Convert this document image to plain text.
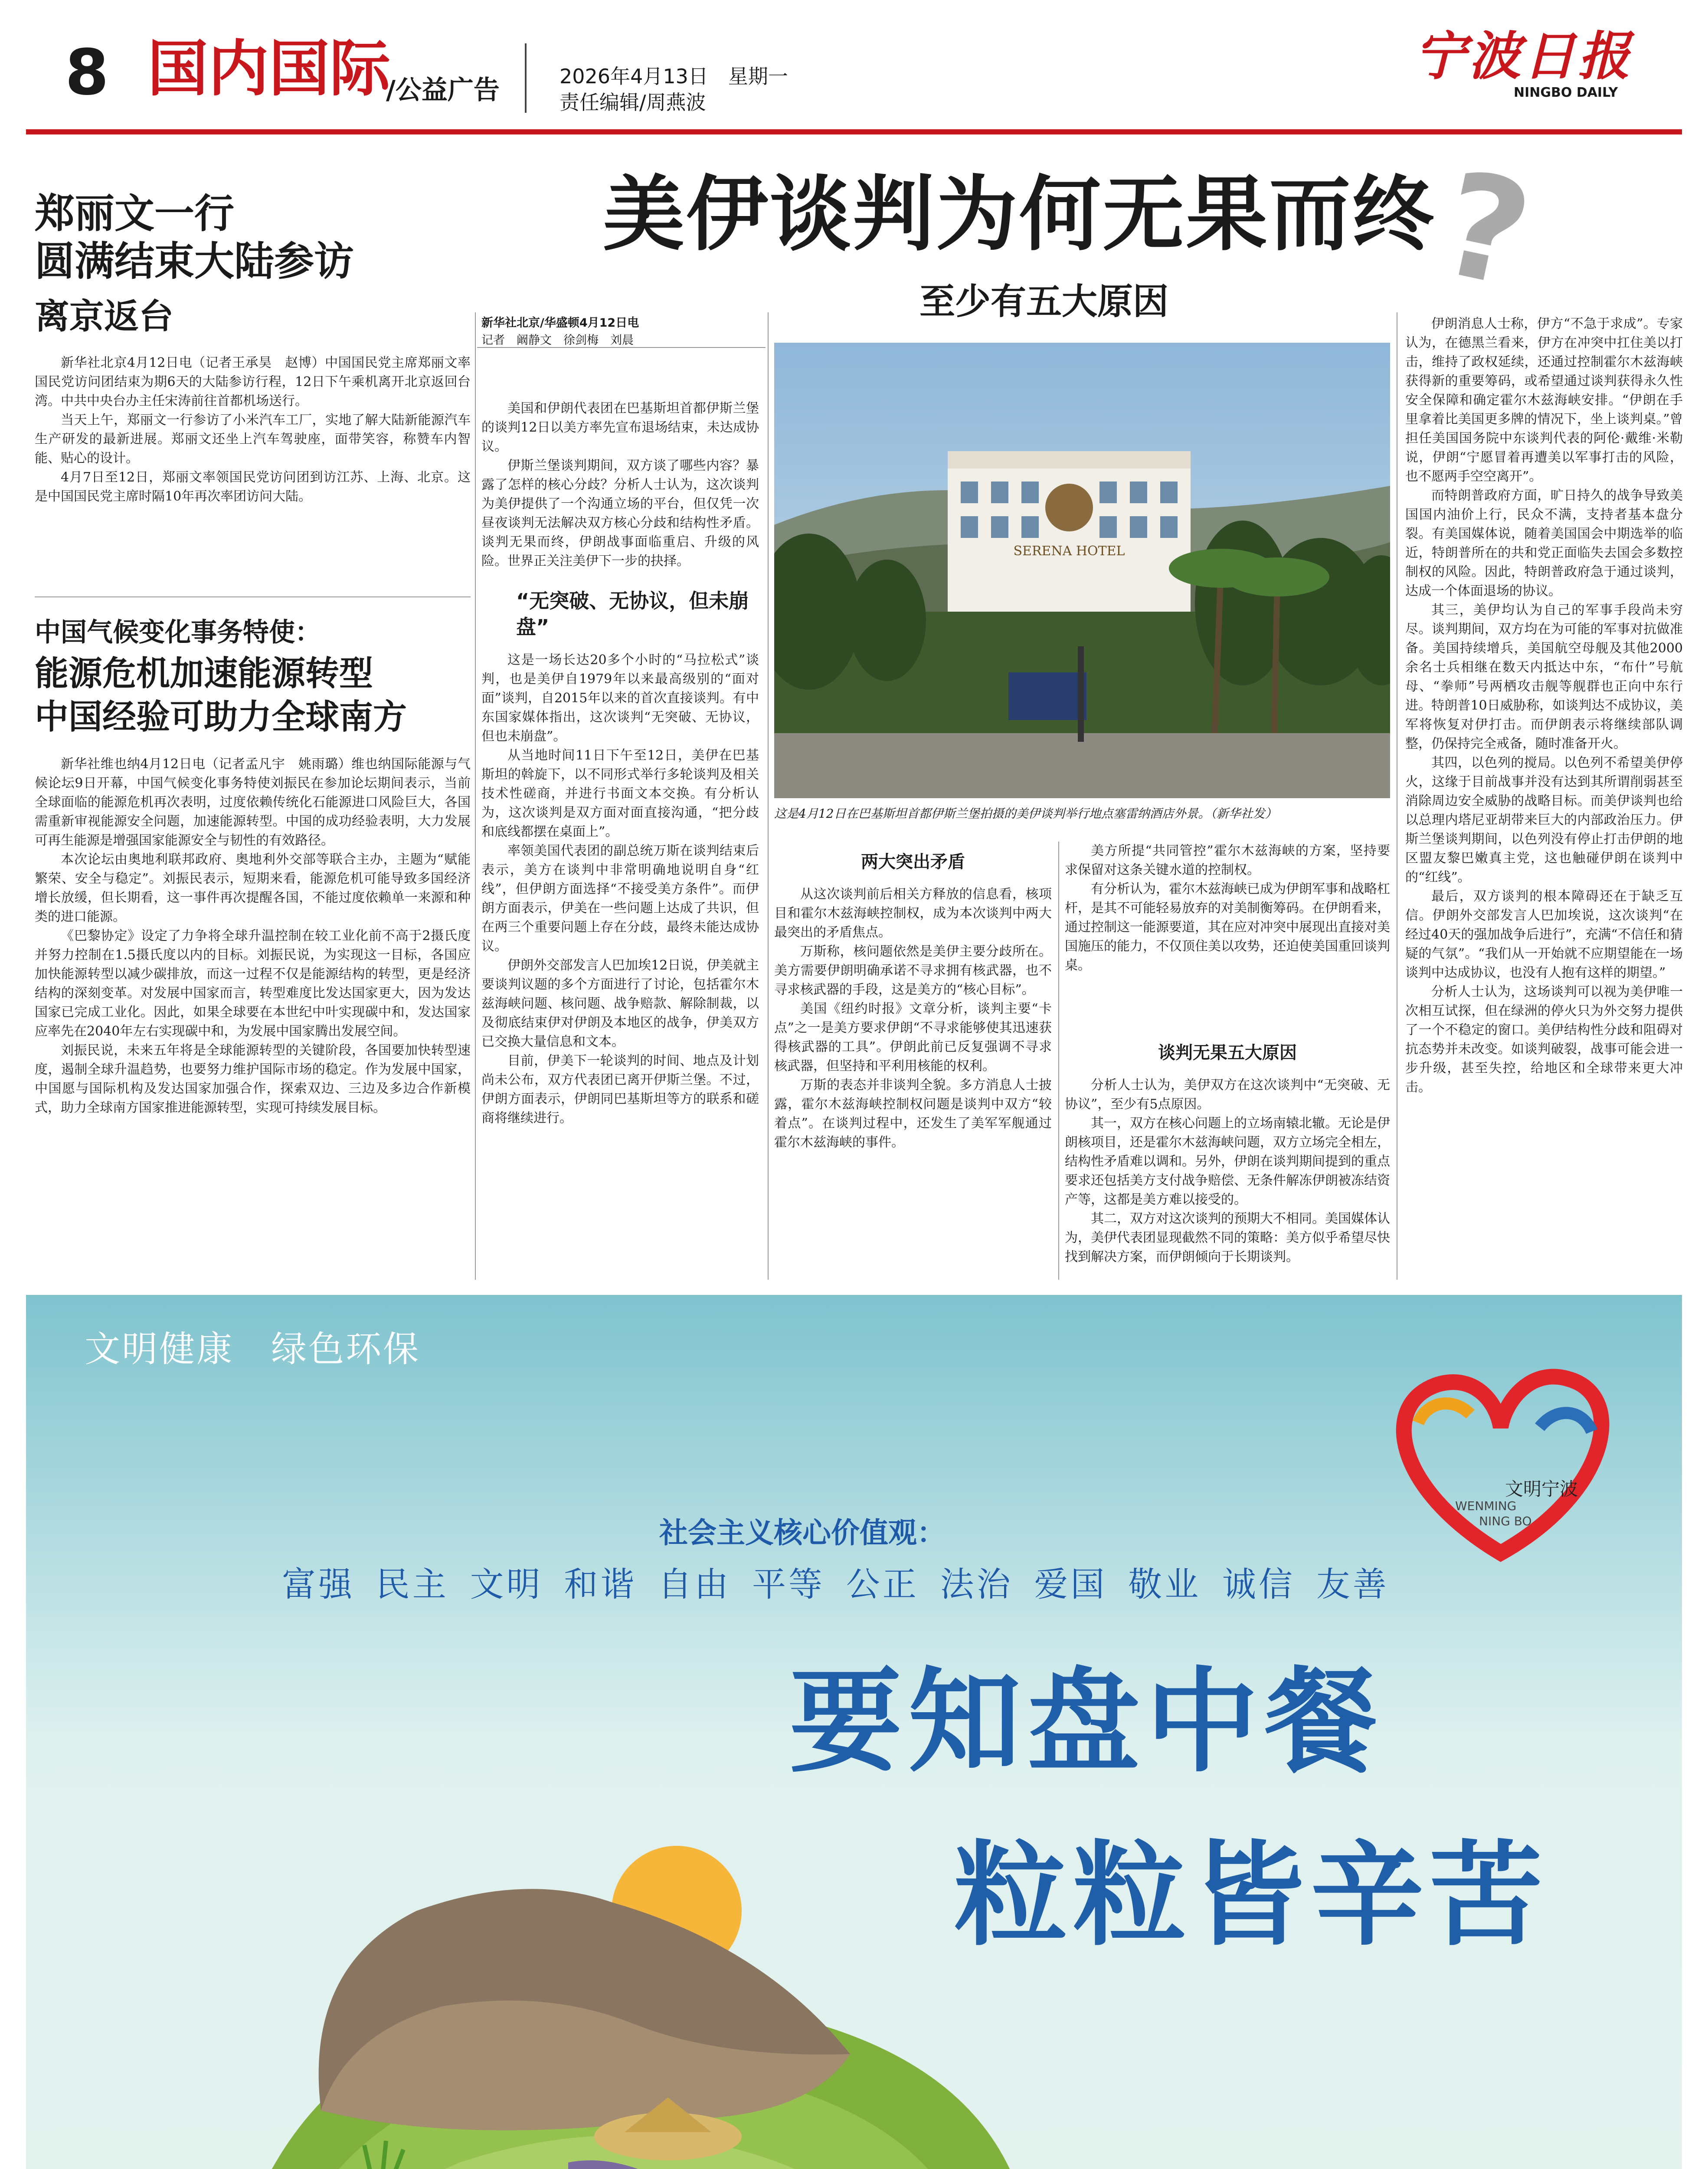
8 国内国际
/公益广告	2026年4月13日　星期一
责任编辑/周燕波
宁波日报
NINGBO DAILY
郑丽文一行
圆满结束大陆参访
离京返台

新华社北京4月12日电（记者王承昊　赵博）中国国民党主席郑丽文率国民党访问团结束为期6天的大陆参访行程，12日下午乘机离开北京返回台湾。中共中央台办主任宋涛前往首都机场送行。

当天上午，郑丽文一行参访了小米汽车工厂，实地了解大陆新能源汽车生产研发的最新进展。郑丽文还坐上汽车驾驶座，面带笑容，称赞车内智能、贴心的设计。

4月7日至12日，郑丽文率领国民党访问团到访江苏、上海、北京。这是中国国民党主席时隔10年再次率团访问大陆。

中国气候变化事务特使：
能源危机加速能源转型
中国经验可助力全球南方

新华社维也纳4月12日电（记者孟凡宇　姚雨璐）维也纳国际能源与气候论坛9日开幕，中国气候变化事务特使刘振民在参加论坛期间表示，当前全球面临的能源危机再次表明，过度依赖传统化石能源进口风险巨大，各国需重新审视能源安全问题，加速能源转型。中国的成功经验表明，大力发展可再生能源是增强国家能源安全与韧性的有效路径。

本次论坛由奥地利联邦政府、奥地利外交部等联合主办，主题为“赋能繁荣、安全与稳定”。刘振民表示，短期来看，能源危机可能导致多国经济增长放缓，但长期看，这一事件再次提醒各国，不能过度依赖单一来源和种类的进口能源。

《巴黎协定》设定了力争将全球升温控制在较工业化前不高于2摄氏度并努力控制在1.5摄氏度以内的目标。刘振民说，为实现这一目标，各国应加快能源转型以减少碳排放，而这一过程不仅是能源结构的转型，更是经济结构的深刻变革。对发展中国家而言，转型难度比发达国家更大，因为发达国家已完成工业化。因此，如果全球要在本世纪中叶实现碳中和，发达国家应率先在2040年左右实现碳中和，为发展中国家腾出发展空间。

刘振民说，未来五年将是全球能源转型的关键阶段，各国要加快转型速度，遏制全球升温趋势，也要努力维护国际市场的稳定。作为发展中国家，中国愿与国际机构及发达国家加强合作，探索双边、三边及多边合作新模式，助力全球南方国家推进能源转型，实现可持续发展目标。

美伊谈判为何无果而终
?
至少有五大原因
新华社北京/华盛顿4月12日电
记者　阚静文　徐剑梅　刘晨

美国和伊朗代表团在巴基斯坦首都伊斯兰堡的谈判12日以美方率先宣布退场结束，未达成协议。

伊斯兰堡谈判期间，双方谈了哪些内容？暴露了怎样的核心分歧？分析人士认为，这次谈判为美伊提供了一个沟通立场的平台，但仅凭一次昼夜谈判无法解决双方核心分歧和结构性矛盾。谈判无果而终，伊朗战事面临重启、升级的风险。世界正关注美伊下一步的抉择。

“无突破、无协议，但未崩盘”

这是一场长达20多个小时的“马拉松式”谈判，也是美伊自1979年以来最高级别的“面对面”谈判，自2015年以来的首次直接谈判。有中东国家媒体指出，这次谈判“无突破、无协议，但也未崩盘”。

从当地时间11日下午至12日，美伊在巴基斯坦的斡旋下，以不同形式举行多轮谈判及相关技术性磋商，并进行书面文本交换。有分析认为，这次谈判是双方面对面直接沟通，“把分歧和底线都摆在桌面上”。

率领美国代表团的副总统万斯在谈判结束后表示，美方在谈判中非常明确地说明自身“红线”，但伊朗方面选择“不接受美方条件”。而伊朗方面表示，伊美在一些问题上达成了共识，但在两三个重要问题上存在分歧，最终未能达成协议。

伊朗外交部发言人巴加埃12日说，伊美就主要谈判议题的多个方面进行了讨论，包括霍尔木兹海峡问题、核问题、战争赔款、解除制裁，以及彻底结束伊对伊朗及本地区的战争，伊美双方已交换大量信息和文本。

目前，伊美下一轮谈判的时间、地点及计划尚未公布，双方代表团已离开伊斯兰堡。不过，伊朗方面表示，伊朗同巴基斯坦等方的联系和磋商将继续进行。

SERENA HOTEL
这是4月12日在巴基斯坦首都伊斯兰堡拍摄的美伊谈判举行地点塞雷纳酒店外景。（新华社发）
两大突出矛盾

从这次谈判前后相关方释放的信息看，核项目和霍尔木兹海峡控制权，成为本次谈判中两大最突出的矛盾焦点。

万斯称，核问题依然是美伊主要分歧所在。美方需要伊朗明确承诺不寻求拥有核武器，也不寻求核武器的手段，这是美方的“核心目标”。

美国《纽约时报》文章分析，谈判主要“卡点”之一是美方要求伊朗“不寻求能够使其迅速获得核武器的工具”。伊朗此前已反复强调不寻求核武器，但坚持和平利用核能的权利。

万斯的表态并非谈判全貌。多方消息人士披露，霍尔木兹海峡控制权问题是谈判中双方“较着点”。在谈判过程中，还发生了美军军舰通过霍尔木兹海峡的事件。

美方所提“共同管控”霍尔木兹海峡的方案，坚持要求保留对这条关键水道的控制权。

有分析认为，霍尔木兹海峡已成为伊朗军事和战略杠杆，是其不可能轻易放弃的对美制衡筹码。在伊朗看来，通过控制这一能源要道，其在应对冲突中展现出直接对美国施压的能力，不仅顶住美以攻势，还迫使美国重回谈判桌。

谈判无果五大原因

分析人士认为，美伊双方在这次谈判中“无突破、无协议”，至少有5点原因。

其一，双方在核心问题上的立场南辕北辙。无论是伊朗核项目，还是霍尔木兹海峡问题，双方立场完全相左，结构性矛盾难以调和。另外，伊朗在谈判期间提到的重点要求还包括美方支付战争赔偿、无条件解冻伊朗被冻结资产等，这都是美方难以接受的。

其二，双方对这次谈判的预期大不相同。美国媒体认为，美伊代表团显现截然不同的策略：美方似乎希望尽快找到解决方案，而伊朗倾向于长期谈判。

伊朗消息人士称，伊方“不急于求成”。专家认为，在德黑兰看来，伊方在冲突中扛住美以打击，维持了政权延续，还通过控制霍尔木兹海峡获得新的重要筹码，或希望通过谈判获得永久性安全保障和确定霍尔木兹海峡安排。“伊朗在手里拿着比美国更多牌的情况下，坐上谈判桌。”曾担任美国国务院中东谈判代表的阿伦·戴维·米勒说，伊朗“宁愿冒着再遭美以军事打击的风险，也不愿两手空空离开”。

而特朗普政府方面，旷日持久的战争导致美国国内油价上行，民众不满，支持者基本盘分裂。有美国媒体说，随着美国国会中期选举的临近，特朗普所在的共和党正面临失去国会多数控制权的风险。因此，特朗普政府急于通过谈判，达成一个体面退场的协议。

其三，美伊均认为自己的军事手段尚未穷尽。谈判期间，双方均在为可能的军事对抗做准备。美国持续增兵，美国航空母舰及其他2000余名士兵相继在数天内抵达中东，“布什”号航母、“拳师”号两栖攻击舰等舰群也正向中东行进。特朗普10日威胁称，如谈判达不成协议，美军将恢复对伊打击。而伊朗表示将继续部队调整，仍保持完全戒备，随时准备开火。

其四，以色列的搅局。以色列不希望美伊停火，这缘于目前战事并没有达到其所谓削弱甚至消除周边安全威胁的战略目标。而美伊谈判也给以总理内塔尼亚胡带来巨大的内部政治压力。伊斯兰堡谈判期间，以色列没有停止打击伊朗的地区盟友黎巴嫩真主党，这也触碰伊朗在谈判中的“红线”。

最后，双方谈判的根本障碍还在于缺乏互信。伊朗外交部发言人巴加埃说，这次谈判“在经过40天的强加战争后进行”，充满“不信任和猜疑的气氛”。“我们从一开始就不应期望能在一场谈判中达成协议，也没有人抱有这样的期望。”

分析人士认为，这场谈判可以视为美伊唯一次相互试探，但在绿洲的停火只为外交努力提供了一个不稳定的窗口。美伊结构性分歧和阻碍对抗态势并未改变。如谈判破裂，战事可能会进一步升级，甚至失控，给地区和全球带来更大冲击。

文明健康　绿色环保
文明宁波
WENMING
NING BO
社会主义核心价值观：
富强 民主 文明 和谐 自由 平等 公正 法治 爱国 敬业 诚信 友善
要知盘中餐
粒粒皆辛苦
